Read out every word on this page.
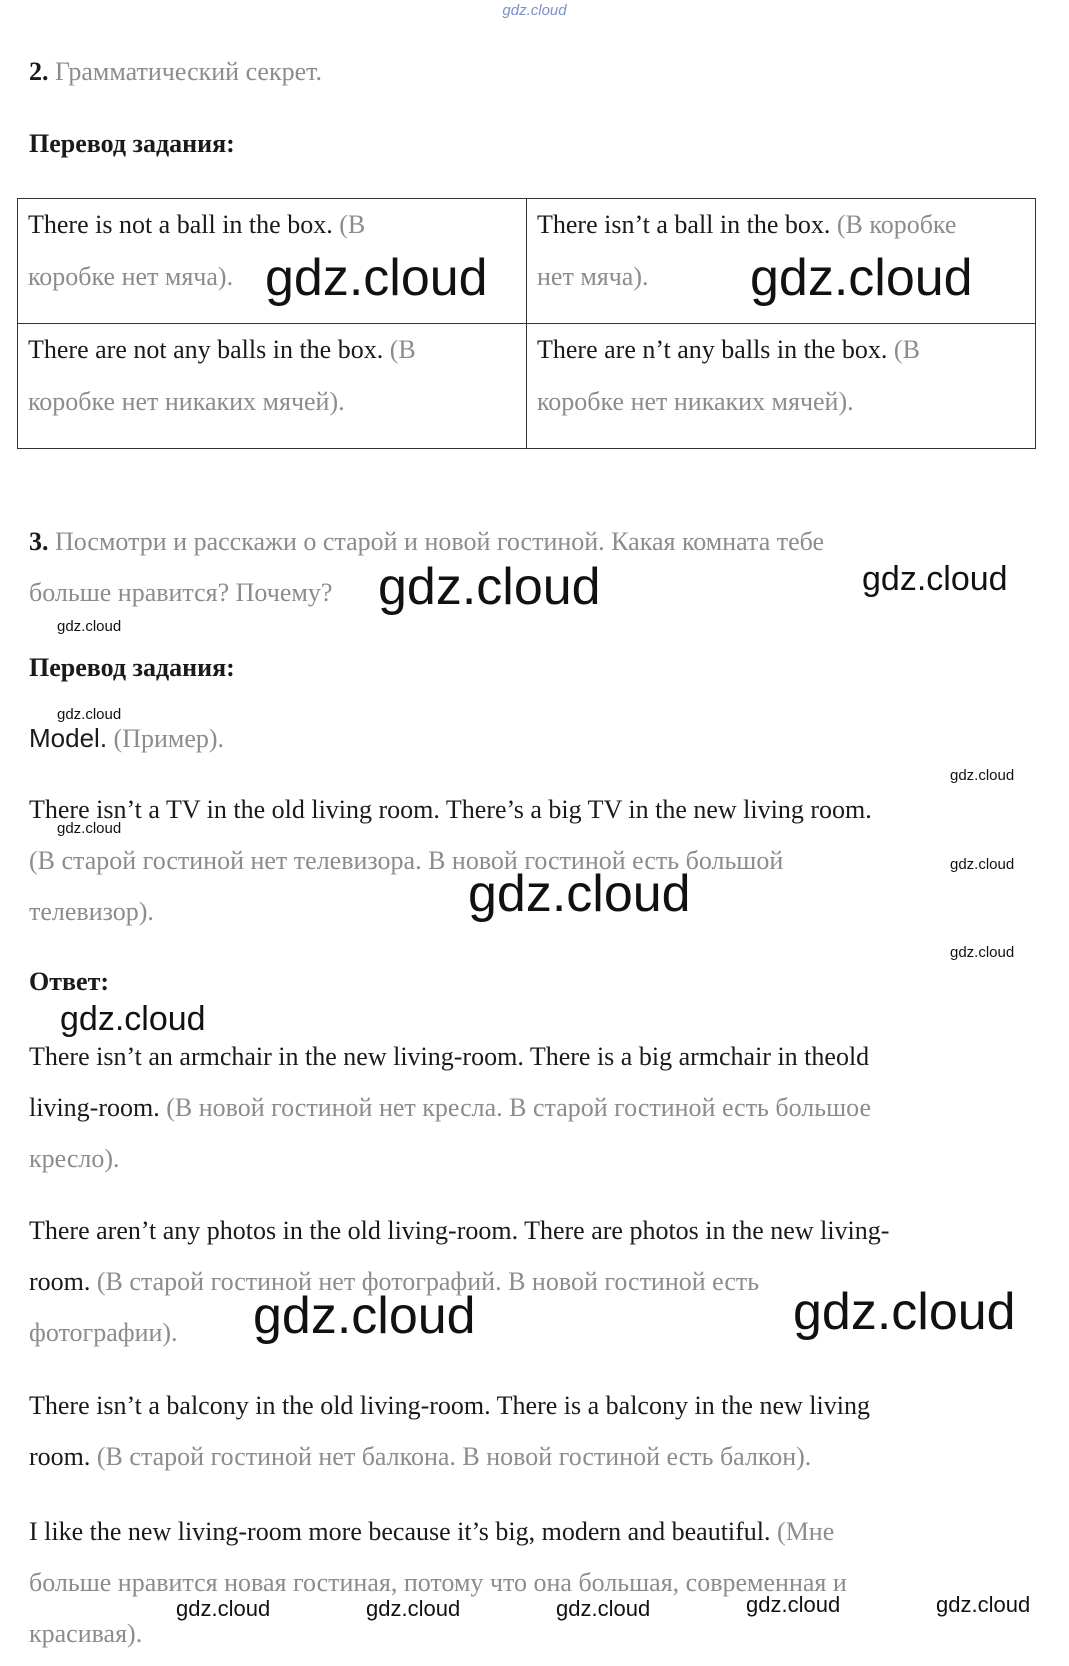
gdz.cloud
2. Грамматический секрет.
Перевод задания:
There is not a ball in the box. (В
коробке нет мяча).	There isn’t a ball in the box. (В коробке
нет мяча).
There are not any balls in the box. (В
коробке нет никаких мячей).	There are n’t any balls in the box. (В
коробке нет никаких мячей).
3. Посмотри и расскажи о старой и новой гостиной. Какая комната тебе
больше нравится? Почему?
Перевод задания:
Model. (Пример).
There isn’t a TV in the old living room. There’s a big TV in the new living room.
(В старой гостиной нет телевизора. В новой гостиной есть большой
телевизор).
Ответ:
There isn’t an armchair in the new living-room. There is a big armchair in theold
living-room. (В новой гостиной нет кресла. В старой гостиной есть большое
кресло).
There aren’t any photos in the old living-room. There are photos in the new living-
room. (В старой гостиной нет фотографий. В новой гостиной есть
фотографии).
There isn’t a balcony in the old living-room. There is a balcony in the new living
room. (В старой гостиной нет балкона. В новой гостиной есть балкон).
I like the new living-room more because it’s big, modern and beautiful. (Мне
больше нравится новая гостиная, потому что она большая, современная и
красивая).
gdz.cloud	gdz.cloud
gdz.cloud	gdz.cloud
gdz.cloud
gdz.cloud
gdz.cloud
gdz.cloud
gdz.cloud
gdz.cloud
gdz.cloud
gdz.cloud
gdz.cloud	gdz.cloud
gdz.cloud	gdz.cloud	gdz.cloud	gdz.cloud	gdz.cloud
